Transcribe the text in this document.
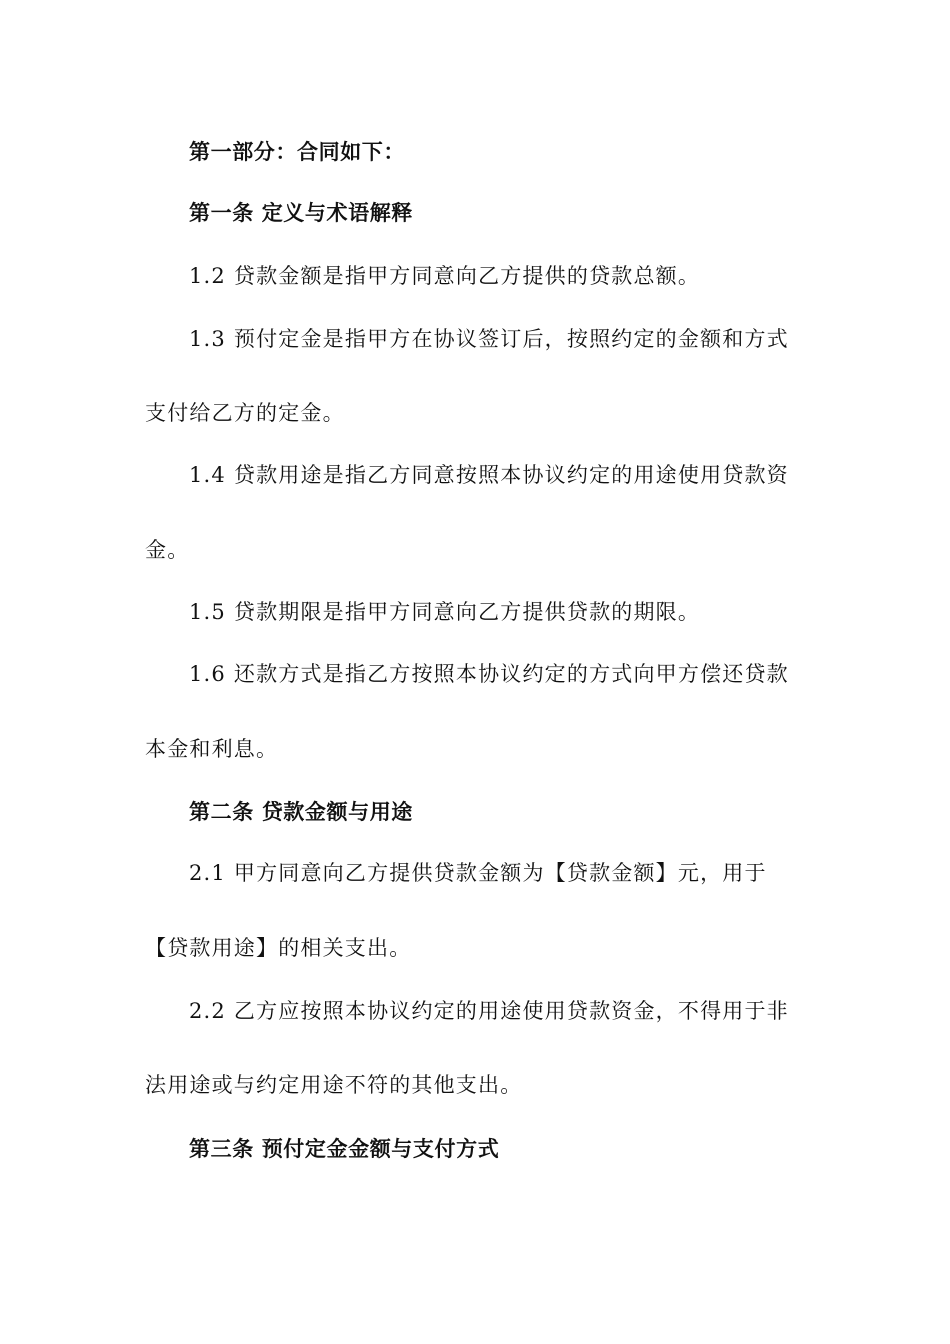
第一部分：合同如下：
第一条 定义与术语解释
1.2 贷款金额是指甲方同意向乙方提供的贷款总额。
1.3 预付定金是指甲方在协议签订后，按照约定的金额和方式
支付给乙方的定金。
1.4 贷款用途是指乙方同意按照本协议约定的用途使用贷款资
金。
1.5 贷款期限是指甲方同意向乙方提供贷款的期限。
1.6 还款方式是指乙方按照本协议约定的方式向甲方偿还贷款
本金和利息。
第二条 贷款金额与用途
2.1 甲方同意向乙方提供贷款金额为【贷款金额】元，用于
【贷款用途】的相关支出。
2.2 乙方应按照本协议约定的用途使用贷款资金，不得用于非
法用途或与约定用途不符的其他支出。
第三条 预付定金金额与支付方式
